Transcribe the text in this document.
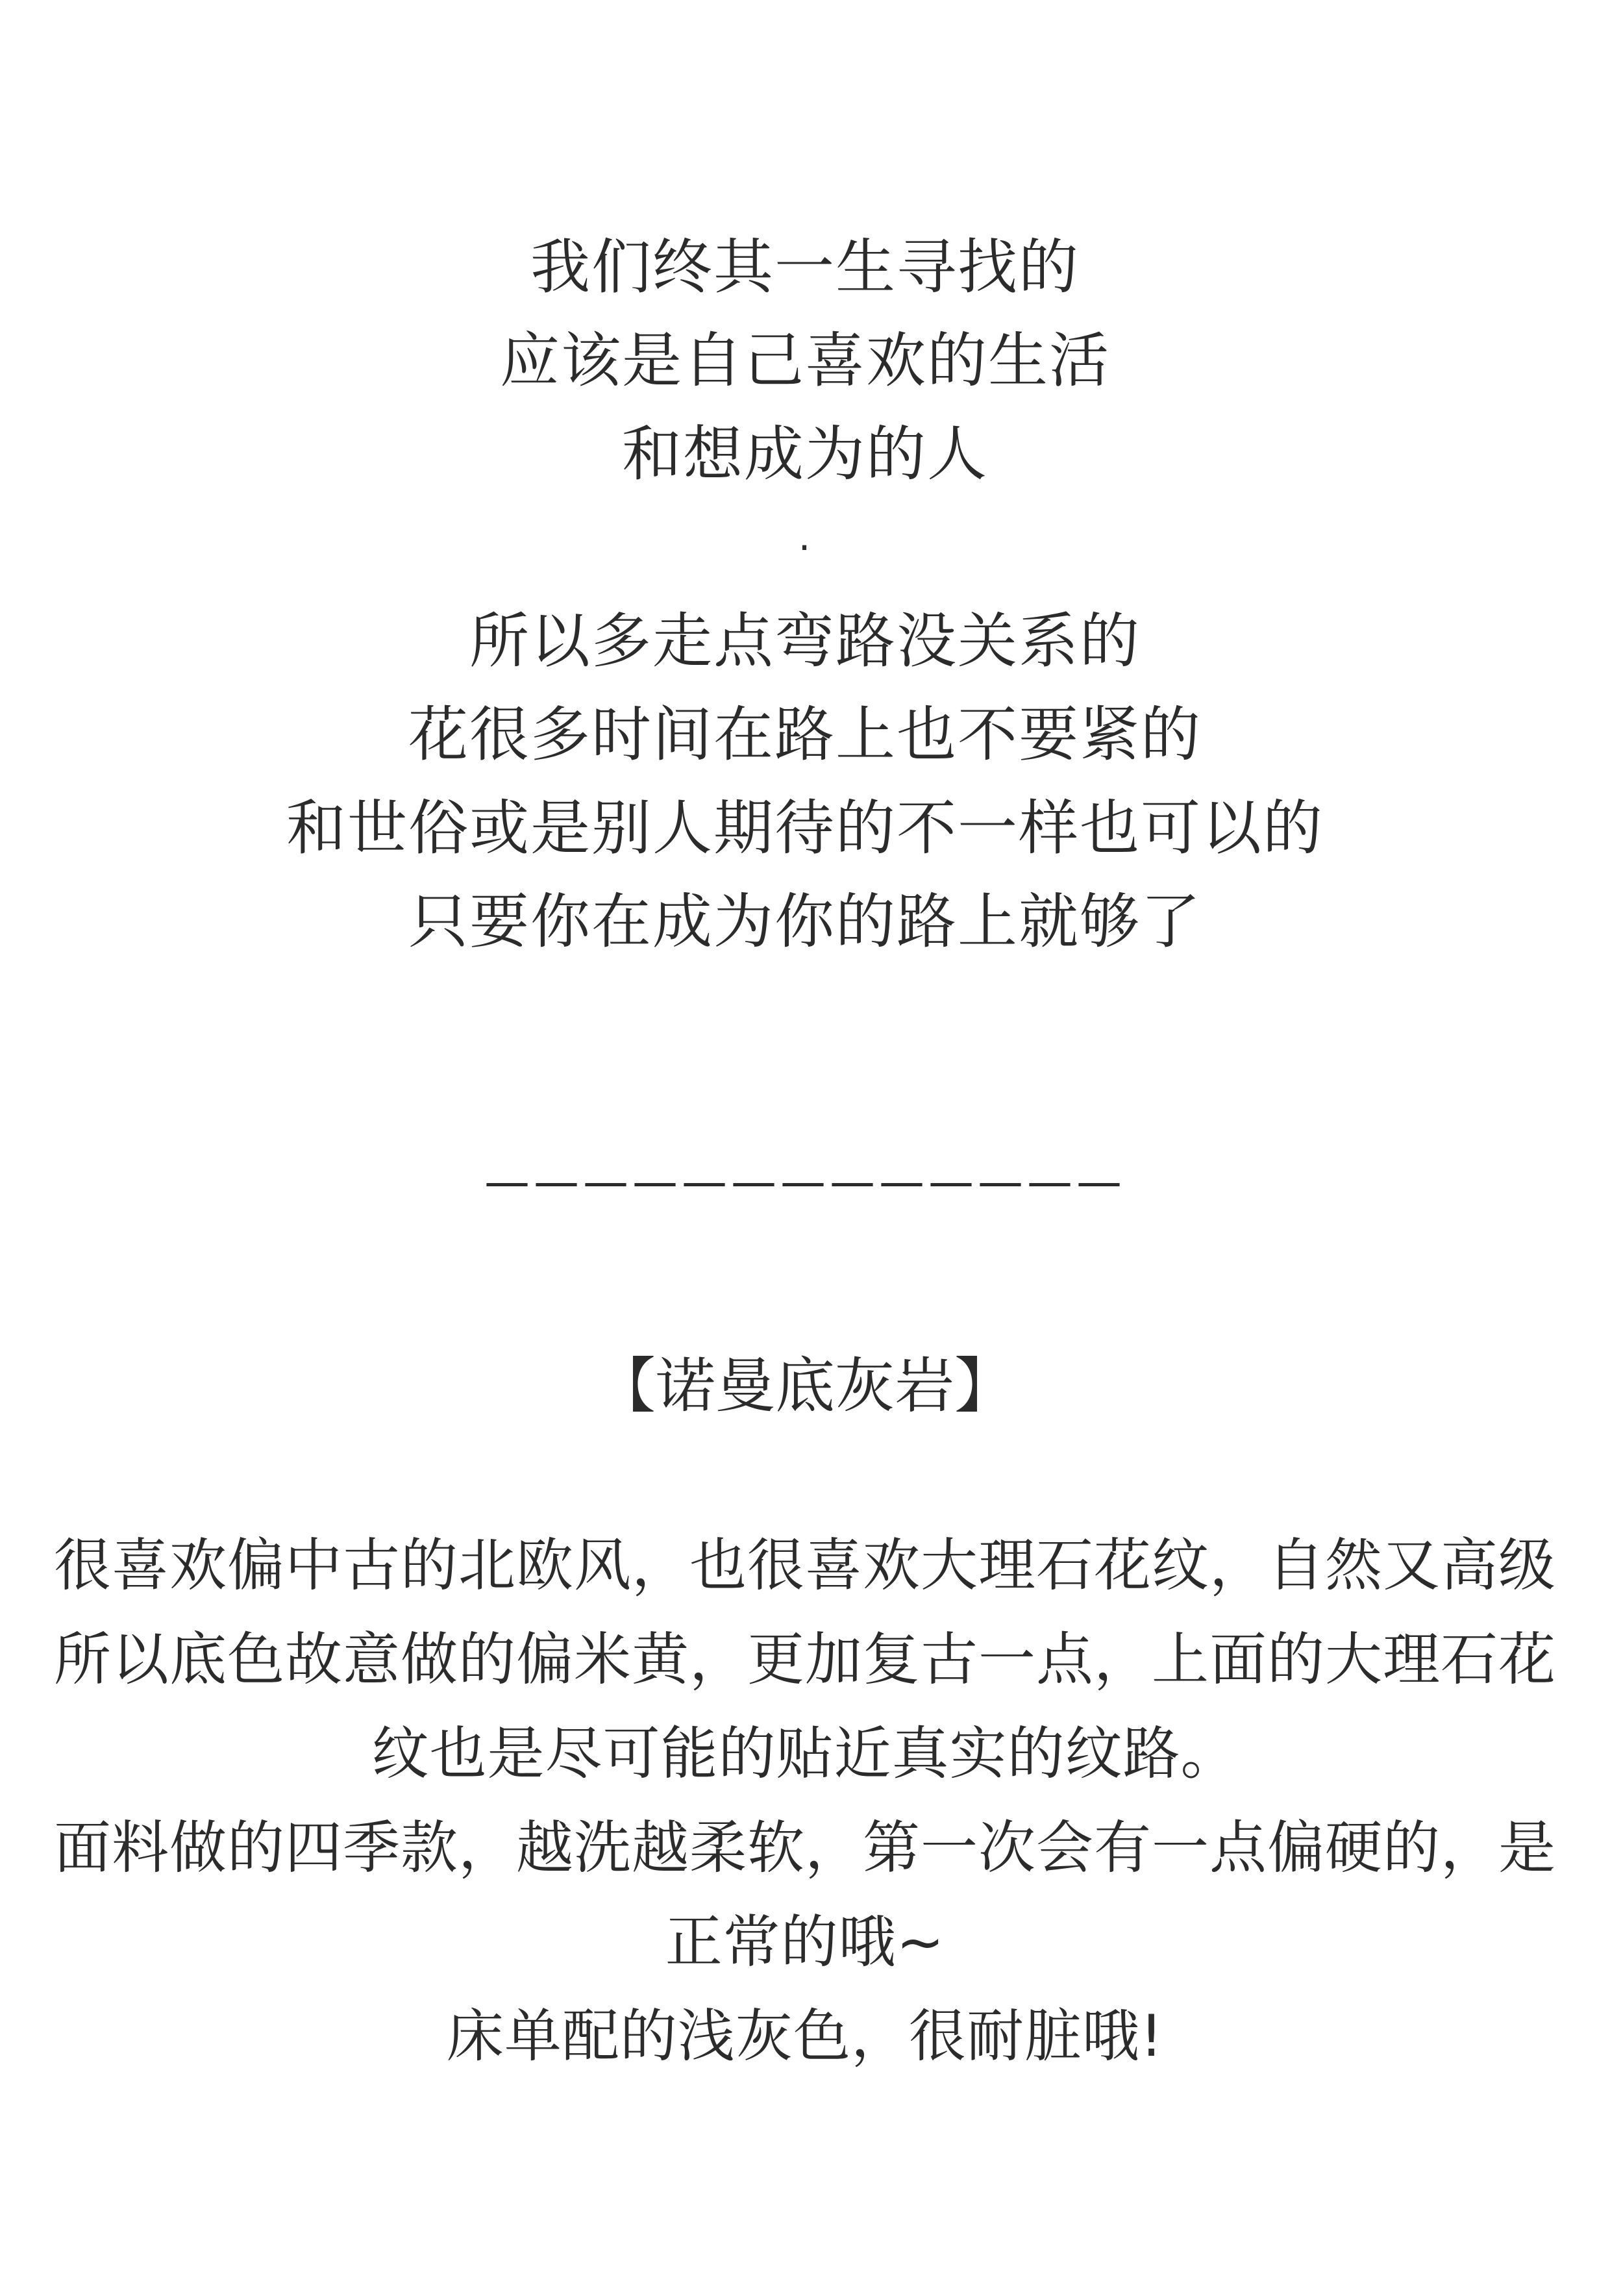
我们终其一生寻找的
应该是自己喜欢的生活
和想成为的人
·
所以多走点弯路没关系的
花很多时间在路上也不要紧的
和世俗或是别人期待的不一样也可以的
只要你在成为你的路上就够了
—————————————
【诺曼底灰岩】
很喜欢偏中古的北欧风，也很喜欢大理石花纹，自然又高级
所以底色故意做的偏米黄，更加复古一点，上面的大理石花
纹也是尽可能的贴近真实的纹路。
面料做的四季款，越洗越柔软，第一次会有一点偏硬的，是
正常的哦~
床单配的浅灰色，很耐脏哦!
